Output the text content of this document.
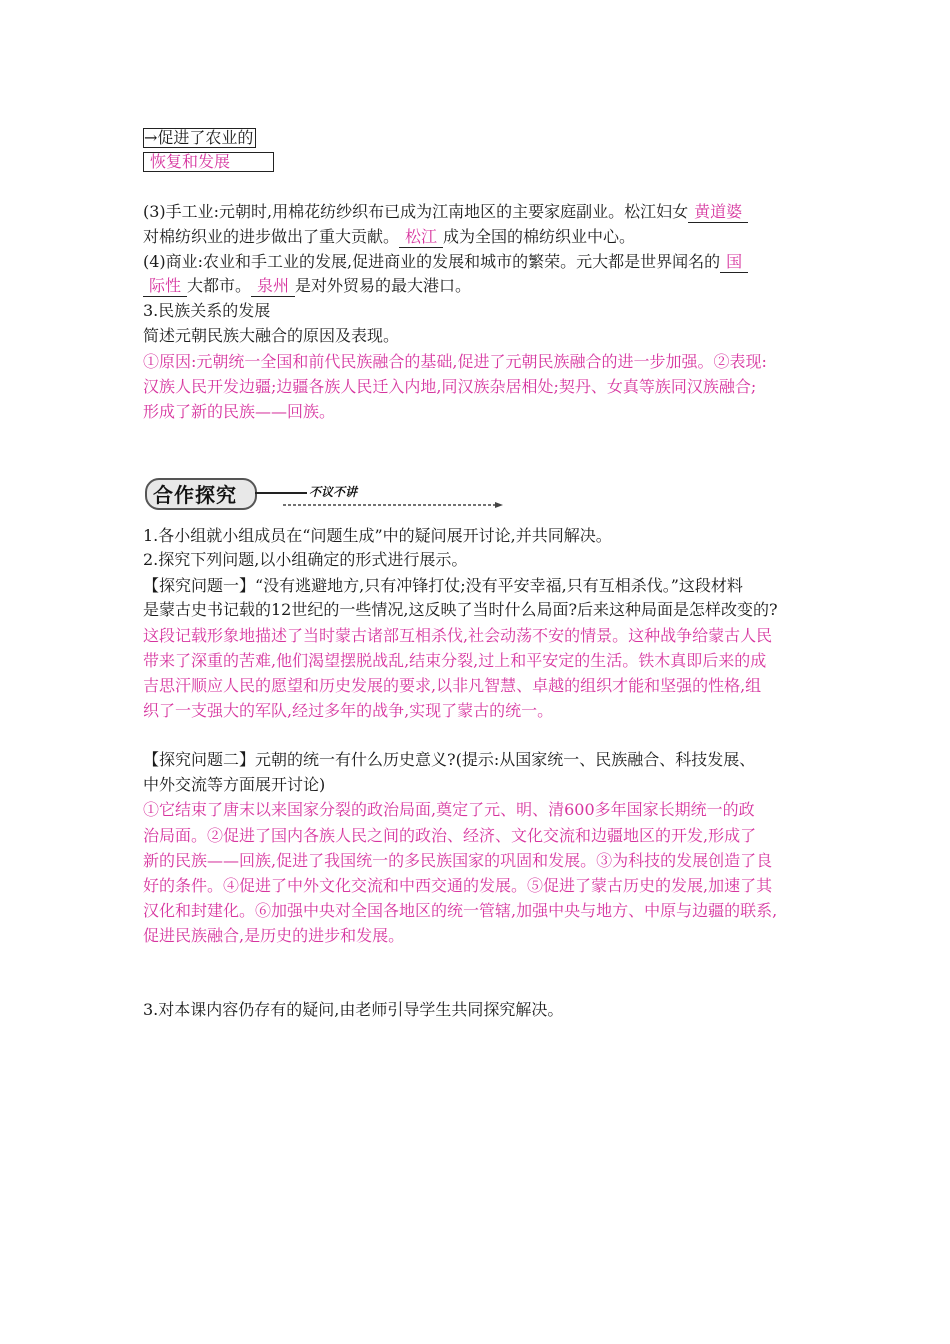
→促进了农业的
恢复和发展
(3)手工业:元朝时,用棉花纺纱织布已成为江南地区的主要家庭副业。松江妇女 黄道婆
对棉纺织业的进步做出了重大贡献。 松江 成为全国的棉纺织业中心。
(4)商业:农业和手工业的发展,促进商业的发展和城市的繁荣。元大都是世界闻名的 国
际性 大都市。 泉州 是对外贸易的最大港口。
3.民族关系的发展
简述元朝民族大融合的原因及表现。
①原因:元朝统一全国和前代民族融合的基础,促进了元朝民族融合的进一步加强。②表现:
汉族人民开发边疆;边疆各族人民迁入内地,同汉族杂居相处;契丹、女真等族同汉族融合;
形成了新的民族——回族。
合作探究	不议不讲
1.各小组就小组成员在“问题生成”中的疑问展开讨论,并共同解决。
2.探究下列问题,以小组确定的形式进行展示。
【探究问题一】“没有逃避地方,只有冲锋打仗;没有平安幸福,只有互相杀伐。”这段材料
是蒙古史书记载的12世纪的一些情况,这反映了当时什么局面?后来这种局面是怎样改变的?
这段记载形象地描述了当时蒙古诸部互相杀伐,社会动荡不安的情景。这种战争给蒙古人民
带来了深重的苦难,他们渴望摆脱战乱,结束分裂,过上和平安定的生活。铁木真即后来的成
吉思汗顺应人民的愿望和历史发展的要求,以非凡智慧、卓越的组织才能和坚强的性格,组
织了一支强大的军队,经过多年的战争,实现了蒙古的统一。
【探究问题二】元朝的统一有什么历史意义?(提示:从国家统一、民族融合、科技发展、
中外交流等方面展开讨论)
①它结束了唐末以来国家分裂的政治局面,奠定了元、明、清600多年国家长期统一的政
治局面。②促进了国内各族人民之间的政治、经济、文化交流和边疆地区的开发,形成了
新的民族——回族,促进了我国统一的多民族国家的巩固和发展。③为科技的发展创造了良
好的条件。④促进了中外文化交流和中西交通的发展。⑤促进了蒙古历史的发展,加速了其
汉化和封建化。⑥加强中央对全国各地区的统一管辖,加强中央与地方、中原与边疆的联系,
促进民族融合,是历史的进步和发展。
3.对本课内容仍存有的疑问,由老师引导学生共同探究解决。
